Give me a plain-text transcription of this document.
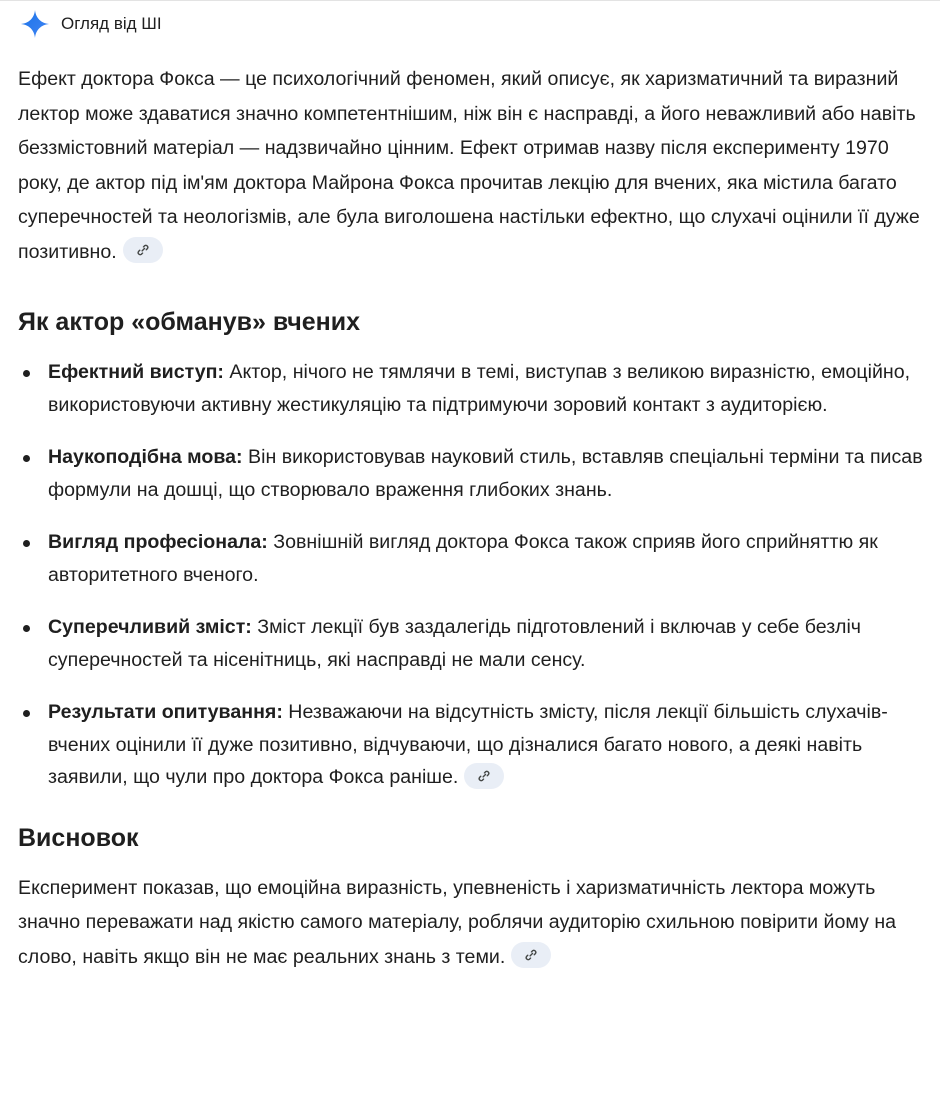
Огляд від ШІ

Ефект доктора Фокса — це психологічний феномен, який описує, як харизматичний та виразний лектор може здаватися значно компетентнішим, ніж він є насправді, а його неважливий або навіть беззмістовний матеріал — надзвичайно цінним. Ефект отримав назву після експерименту 1970 року, де актор під ім'ям доктора Майрона Фокса прочитав лекцію для вчених, яка містила багато суперечностей та неологізмів, але була виголошена настільки ефектно, що слухачі оцінили її дуже позитивно.

Як актор «обманув» вчених
Ефектний виступ: Актор, нічого не тямлячи в темі, виступав з великою виразністю, емоційно, використовуючи активну жестикуляцію та підтримуючи зоровий контакт з аудиторією.
Наукоподібна мова: Він використовував науковий стиль, вставляв спеціальні терміни та писав формули на дошці, що створювало враження глибоких знань.
Вигляд професіонала: Зовнішній вигляд доктора Фокса також сприяв його сприйняттю як авторитетного вченого.
Суперечливий зміст: Зміст лекції був заздалегідь підготовлений і включав у себе безліч суперечностей та нісенітниць, які насправді не мали сенсу.
Результати опитування: Незважаючи на відсутність змісту, після лекції більшість слухачів-вчених оцінили її дуже позитивно, відчуваючи, що дізналися багато нового, а деякі навіть заявили, що чули про доктора Фокса раніше.
Висновок

Експеримент показав, що емоційна виразність, упевненість і харизматичність лектора можуть значно переважати над якістю самого матеріалу, роблячи аудиторію схильною повірити йому на слово, навіть якщо він не має реальних знань з теми.
